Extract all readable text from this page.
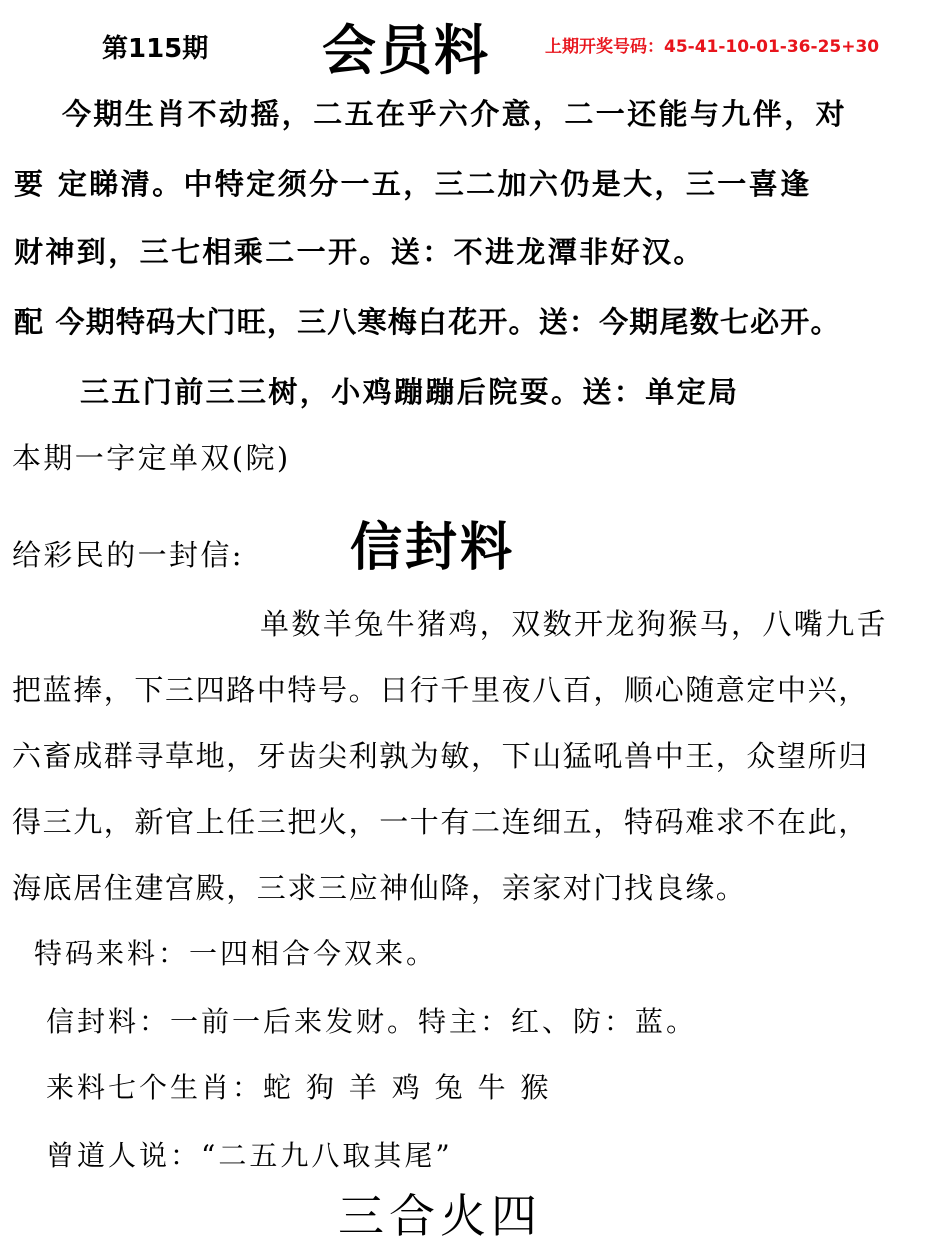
第115期 会员料	上期开奖号码：45-41-10-01-36-25+30
今期生肖不动摇，二五在乎六介意，二一还能与九伴，对
要 定睇清。中特定须分一五，三二加六仍是大，三一喜逢
财神到，三七相乘二一开。送：不进龙潭非好汉。
配 今期特码大门旺，三八寒梅白花开。送：今期尾数七必开。
三五门前三三树，小鸡蹦蹦后院耍。送：单定局
本期一字定单双(院)
给彩民的一封信: 信封料
单数羊兔牛猪鸡，双数开龙狗猴马，八嘴九舌
把蓝捧，下三四路中特号。日行千里夜八百，顺心随意定中兴，
六畜成群寻草地，牙齿尖利孰为敏，下山猛吼兽中王，众望所归
得三九，新官上任三把火，一十有二连细五，特码难求不在此，
海底居住建宫殿，三求三应神仙降，亲家对门找良缘。
特码来料：一四相合今双来。
信封料：一前一后来发财。特主：红、防：蓝。
来料七个生肖：蛇 狗 羊 鸡 兔 牛 猴
曾道人说：“二五九八取其尾”
三合火四
